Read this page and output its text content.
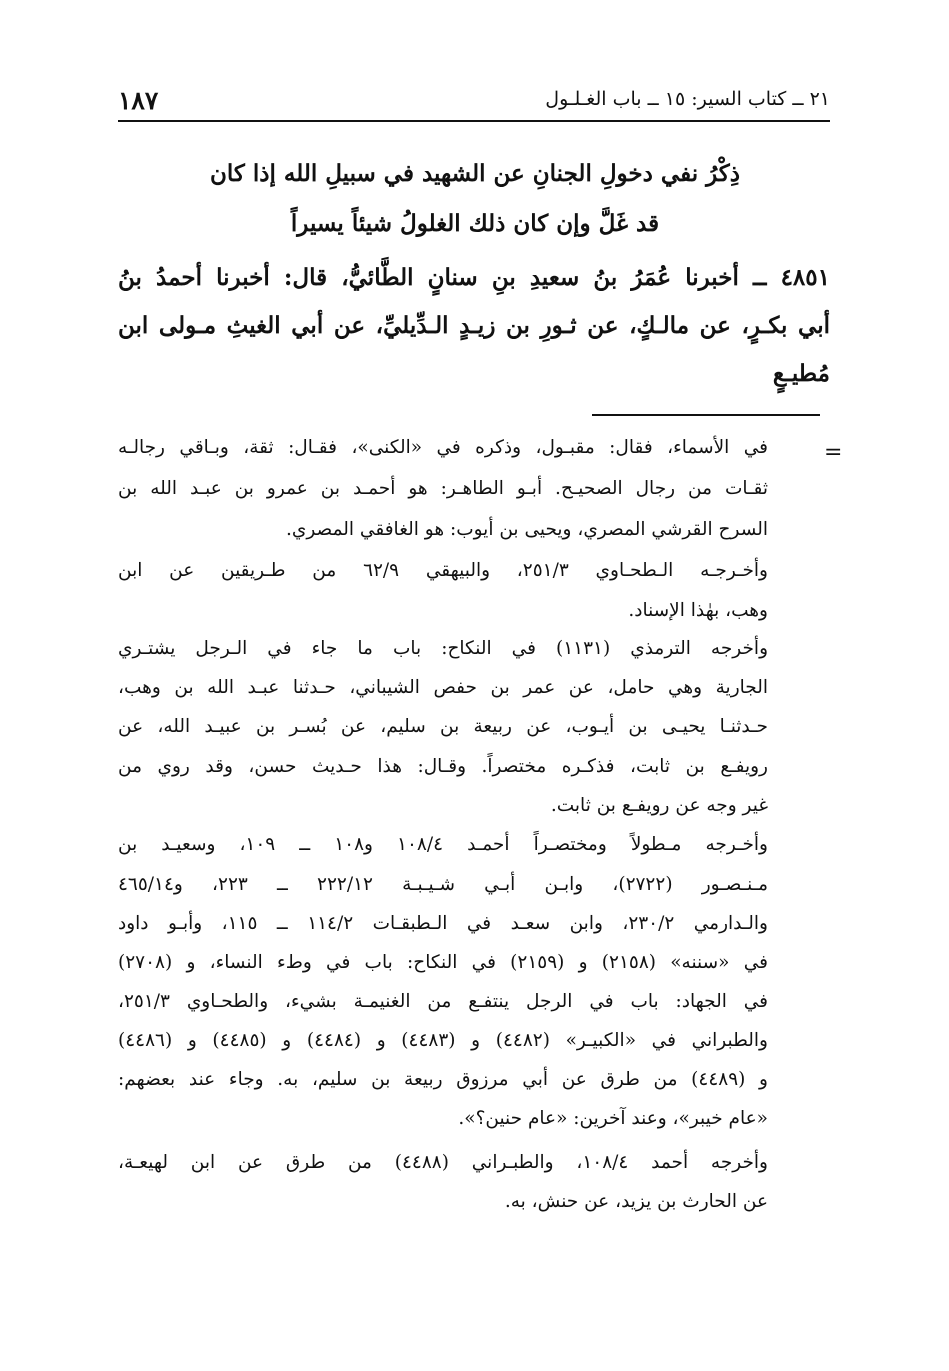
١٨٧	٢١ ــ كتاب السير: ١٥ ــ باب الغـلـول
ذِكْرُ نفي دخولِ الجنانِ عن الشهيد في سبيلِ الله إذا كان
قد غَلَّ وإن كان ذلك الغلولُ شيئاً يسيراً
٤٨٥١ ــ أخبرنا عُمَرُ بنُ سعيدِ بنِ سنانٍ الطَّائيُّ، قال: أخبرنا أحمدُ بنُ
أبي بكـرٍ، عن مالـكٍ، عن ثـورِ بن زيـدٍ الـدِّيليِّ، عن أبي الغيثِ مـولى ابن
مُطيـعٍ
=
في الأسماء، فقال: مقبـول، وذكره في «الكنى»، فقـال: ثقة، وبـاقي رجالـه
ثقـات من رجال الصحيـح. أبـو الطاهـر: هو أحمـد بن عمرو بن عبـد الله بن
السرح القرشي المصري، ويحيى بن أيوب: هو الغافقي المصري.
وأخـرجـه الـطحـاوي ٢٥١/٣، والبيهقي ٦٢/٩ من طـريقين عن ابن
وهب، بهٰذا الإسناد.
وأخرجه الترمذي (١١٣١) في النكاح: باب ما جاء في الـرجل يشتـري
الجارية وهي حامل، عن عمر بن حفص الشيباني، حـدثنا عبـد الله بن وهب،
حـدثنـا يحيـى بن أيـوب، عن ربيعة بن سليم، عن بُسـر بن عبيـد الله، عن
رويفـع بن ثابت، فذكـره مختصراً. وقـال: هذا حـديث حسن، وقد روي من
غير وجه عن رويفـع بن ثابت.
وأخـرجه مـطولاً ومختصـراً أحمـد ١٠٨/٤ و١٠٨ ــ ١٠٩، وسعيـد بن
مـنـصـور (٢٧٢٢)، وابـن أبـي شـيـبـة ٢٢٢/١٢ ــ ٢٢٣، و٤٦٥/١٤
والـدارمي ٢٣٠/٢، وابن سعـد في الـطبقـات ١١٤/٢ ــ ١١٥، وأبـو داود
في «سننه» (٢١٥٨) و (٢١٥٩) في النكاح: باب في وطء النساء، و (٢٧٠٨)
في الجهاد: باب في الرجل ينتفـع من الغنيمـة بشيء، والطحـاوي ٢٥١/٣،
والطبراني في «الكبيـر» (٤٤٨٢) و (٤٤٨٣) و (٤٤٨٤) و (٤٤٨٥) و (٤٤٨٦)
و (٤٤٨٩) من طرق عن أبي مرزوق ربيعة بن سليم، به. وجاء عند بعضهم:
«عام خيبر»، وعند آخرين: «عام حنين؟».
وأخرجه أحمد ١٠٨/٤، والطبـراني (٤٤٨٨) من طرق عن ابن لهيعـة،
عن الحارث بن يزيد، عن حنش، به.
